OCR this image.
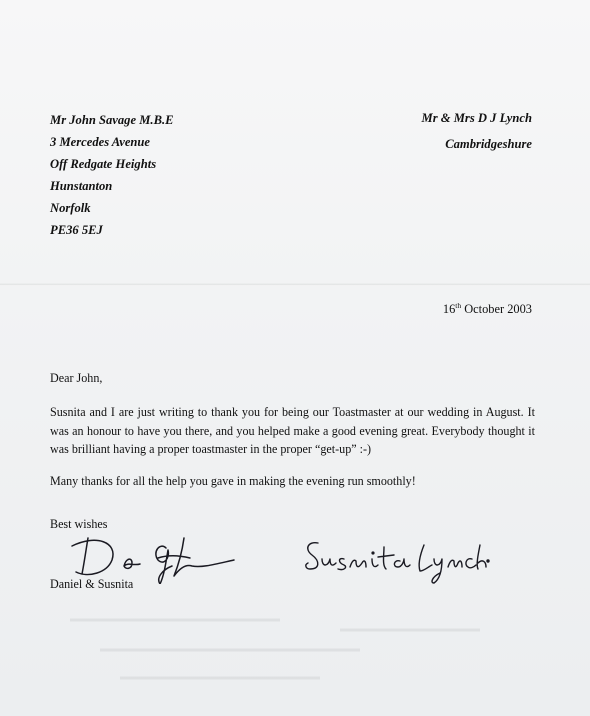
Mr John Savage M.B.E
3 Mercedes Avenue
Off Redgate Heights
Hunstanton
Norfolk
PE36 5EJ
Mr & Mrs D J Lynch
Cambridgeshure
16th October 2003
Dear John,
Susnita and I are just writing to thank you for being our Toastmaster at our wedding in August. It was an honour to have you there, and you helped make a good evening great. Everybody thought it was brilliant having a proper toastmaster in the proper “get-up” :-)
Many thanks for all the help you gave in making the evening run smoothly!
Best wishes
Daniel & Susnita
